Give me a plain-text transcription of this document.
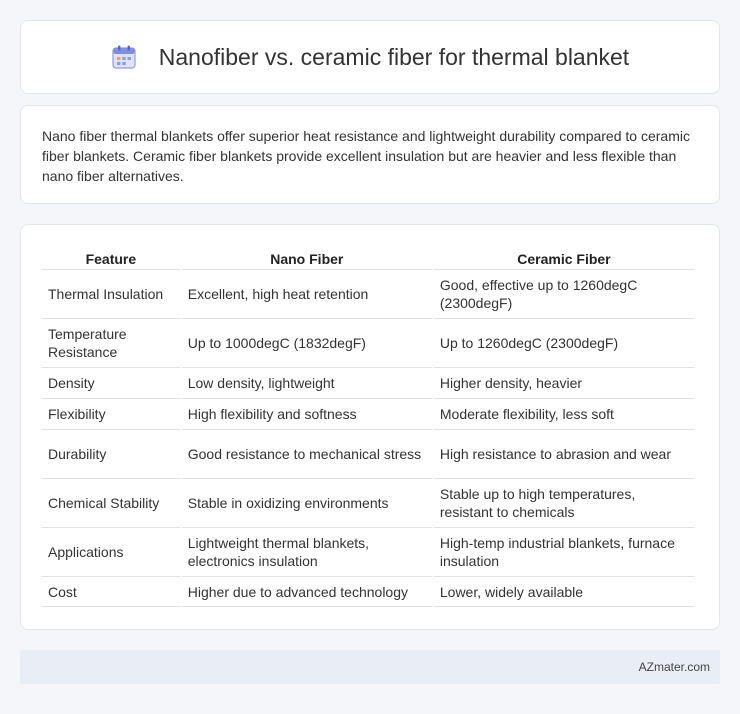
Nanofiber vs. ceramic fiber for thermal blanket

Nano fiber thermal blankets offer superior heat resistance and lightweight durability compared to ceramic fiber blankets. Ceramic fiber blankets provide excellent insulation but are heavier and less flexible than nano fiber alternatives.

Feature	Nano Fiber	Ceramic Fiber
Thermal Insulation	Excellent, high heat retention	Good, effective up to 1260degC (2300degF)
Temperature Resistance	Up to 1000degC (1832degF)	Up to 1260degC (2300degF)
Density	Low density, lightweight	Higher density, heavier
Flexibility	High flexibility and softness	Moderate flexibility, less soft
Durability	Good resistance to mechanical stress	High resistance to abrasion and wear
Chemical Stability	Stable in oxidizing environments	Stable up to high temperatures, resistant to chemicals
Applications	Lightweight thermal blankets, electronics insulation	High-temp industrial blankets, furnace insulation
Cost	Higher due to advanced technology	Lower, widely available
AZmater.com
